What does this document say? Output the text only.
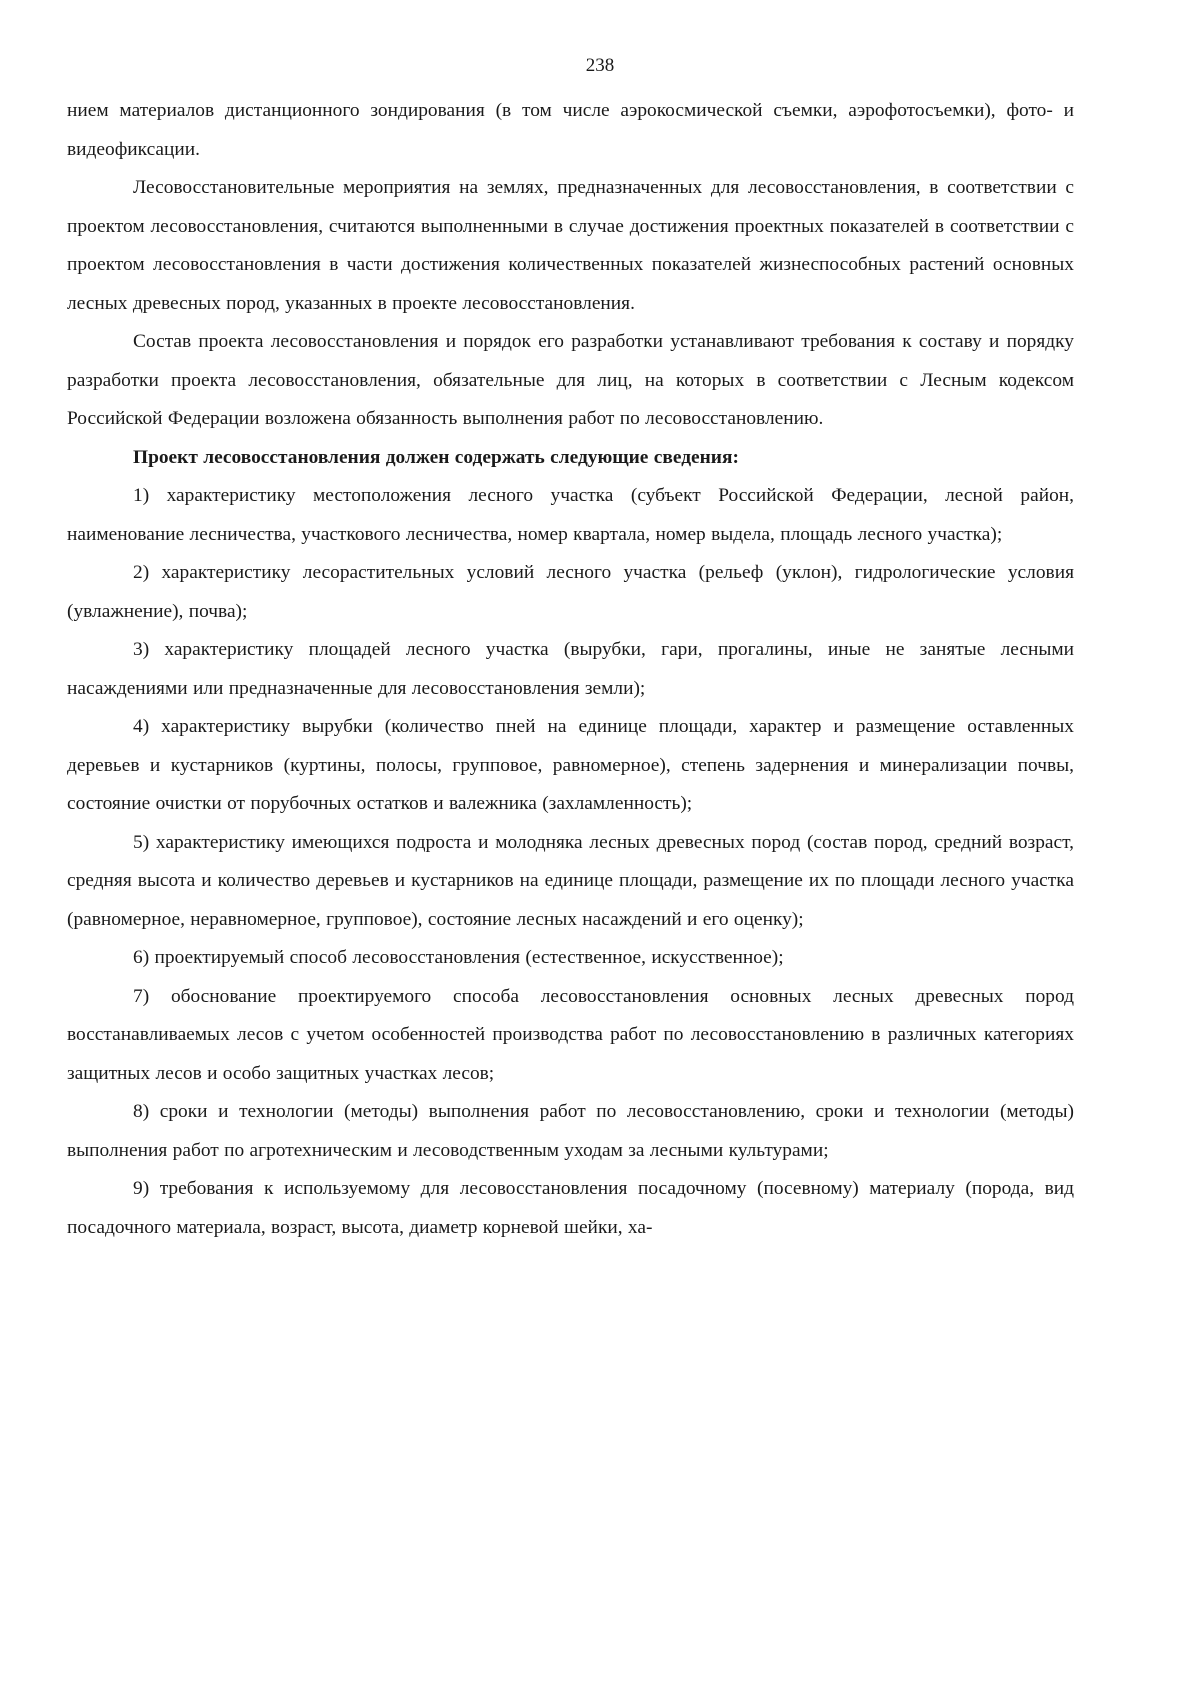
238

нием материалов дистанционного зондирования (в том числе аэрокосмической съемки, аэрофотосъемки), фото- и видеофиксации.

Лесовосстановительные мероприятия на землях, предназначенных для лесовосстановления, в соответствии с проектом лесовосстановления, считаются выполненными в случае достижения проектных показателей в соответствии с проектом лесовосстановления в части достижения количественных показателей жизнеспособных растений основных лесных древесных пород, указанных в проекте лесовосстановления.

Состав проекта лесовосстановления и порядок его разработки устанавливают требования к составу и порядку разработки проекта лесовосстановления, обязательные для лиц, на которых в соответствии с Лесным кодексом Российской Федерации возложена обязанность выполнения работ по лесовосстановлению.

Проект лесовосстановления должен содержать следующие сведения:

1) характеристику местоположения лесного участка (субъект Российской Федерации, лесной район, наименование лесничества, участкового лесничества, номер квартала, номер выдела, площадь лесного участка);

2) характеристику лесорастительных условий лесного участка (рельеф (уклон), гидрологические условия (увлажнение), почва);

3) характеристику площадей лесного участка (вырубки, гари, прогалины, иные не занятые лесными насаждениями или предназначенные для лесовосстановления земли);

4) характеристику вырубки (количество пней на единице площади, характер и размещение оставленных деревьев и кустарников (куртины, полосы, групповое, равномерное), степень задернения и минерализации почвы, состояние очистки от порубочных остатков и валежника (захламленность);

5) характеристику имеющихся подроста и молодняка лесных древесных пород (состав пород, средний возраст, средняя высота и количество деревьев и кустарников на единице площади, размещение их по площади лесного участка (равномерное, неравномерное, групповое), состояние лесных насаждений и его оценку);

6) проектируемый способ лесовосстановления (естественное, искусственное);

7) обоснование проектируемого способа лесовосстановления основных лесных древесных пород восстанавливаемых лесов с учетом особенностей производства работ по лесовосстановлению в различных категориях защитных лесов и особо защитных участках лесов;

8) сроки и технологии (методы) выполнения работ по лесовосстановлению, сроки и технологии (методы) выполнения работ по агротехническим и лесоводственным уходам за лесными культурами;

9) требования к используемому для лесовосстановления посадочному (посевному) материалу (порода, вид посадочного материала, возраст, высота, диаметр корневой шейки, ха-
